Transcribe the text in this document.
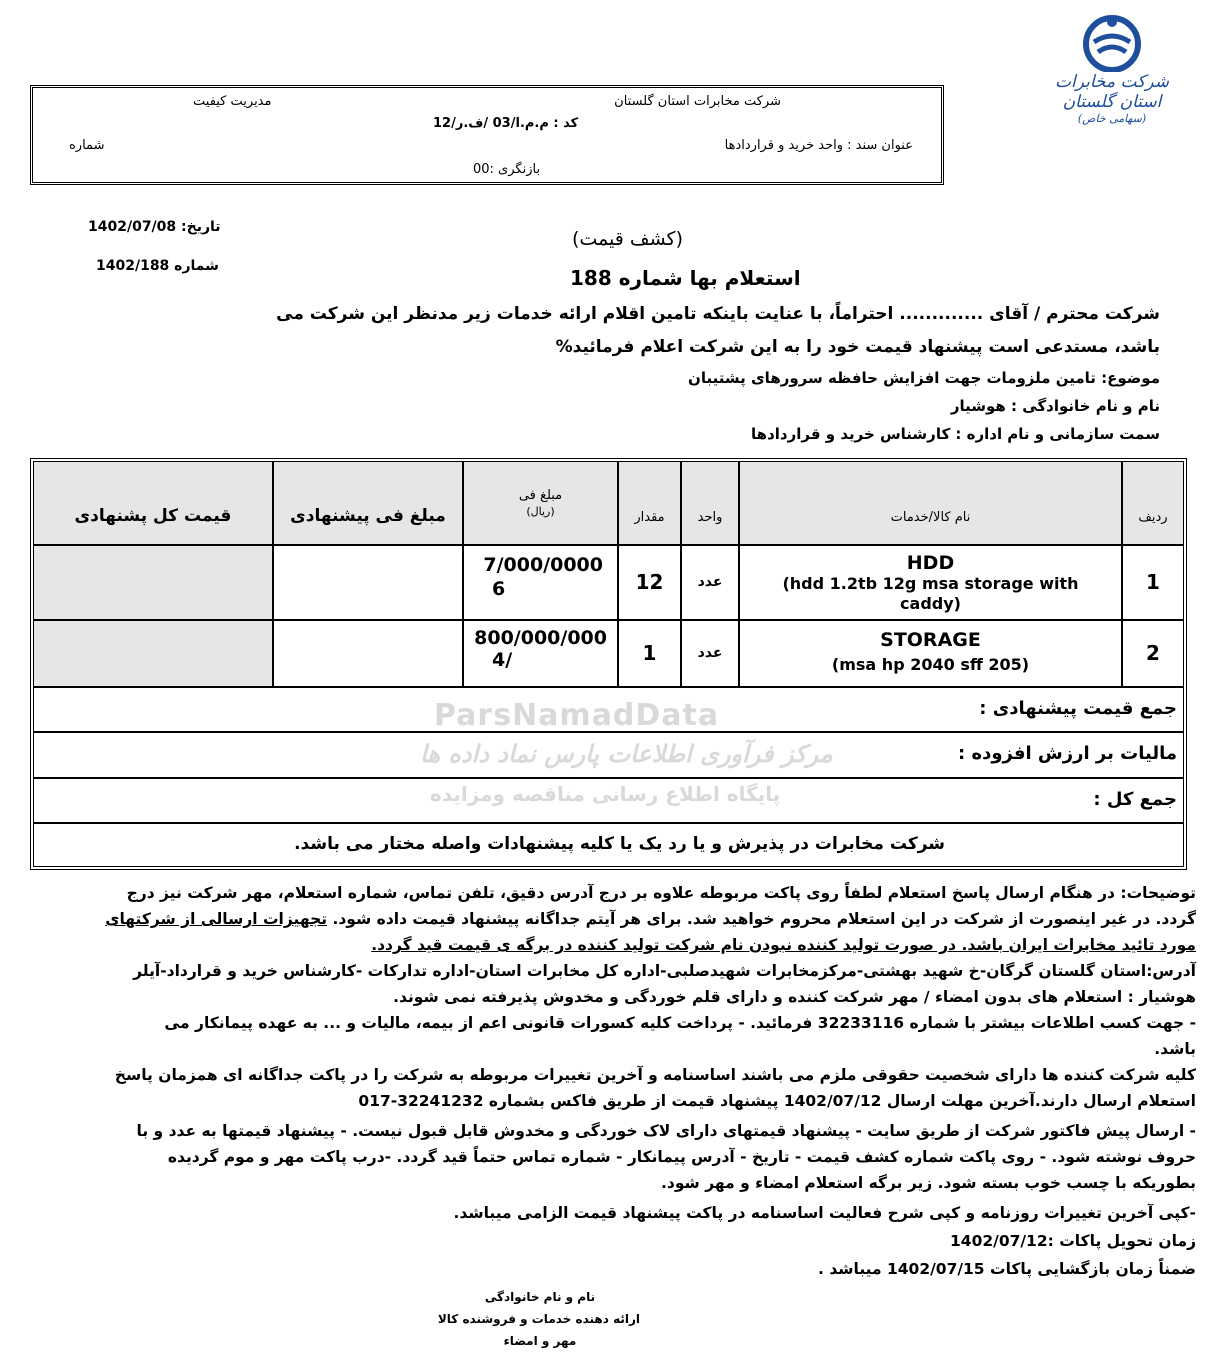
شرکت مخابرات استان گلستان
(سهامی خاص)
شرکت مخابرات استان گلستان
مدیریت کیفیت
کد : م.م.ا/03 /ف.ر/12
عنوان سند : واحد خرید و قراردادها
شماره
بازنگری :00
تاریخ: 1402/07/08
شماره 1402/188
(کشف قیمت)
استعلام بها شماره 188
شرکت محترم / آقای ............. احتراماً، با عنایت باینکه تامین اقلام ارائه خدمات زیر مدنظر این شرکت می
باشد، مستدعی است پیشنهاد قیمت خود را به این شرکت اعلام فرمائید%
موضوع: تامین ملزومات جهت افزایش حافظه سرورهای پشتیبان
نام و نام خانوادگی : هوشیار
سمت سازمانی و نام اداره : کارشناس خرید و قراردادها
ردیف
نام کالا/خدمات
واحد
مقدار
مبلغ فی
(ریال)
مبلغ فی پیشنهادی
قیمت کل پشنهادی
1
HDD
(hdd 1.2tb 12g msa storage with caddy)
عدد
12
7/000/0000
6
2
STORAGE
(msa hp 2040 sff 205)
عدد
1
800/000/000
4/
جمع قیمت پیشنهادی :
مالیات بر ارزش افزوده :
جمع کل :
شرکت مخابرات در پذیرش و یا رد یک یا کلیه پیشنهادات واصله مختار می باشد.
ParsNamadData
مرکز فرآوری اطلاعات پارس نماد داده ها
پایگاه اطلاع رسانی مناقصه ومزایده
توضیحات: در هنگام ارسال پاسخ استعلام لطفاً روی پاکت مربوطه علاوه بر درج آدرس دقیق، تلفن تماس، شماره استعلام، مهر شرکت نیز درج
گردد. در غیر اینصورت از شرکت در این استعلام محروم خواهید شد. برای هر آیتم جداگانه پیشنهاد قیمت داده شود. تجهیزات ارسالی از شرکتهای
مورد تائید مخابرات ایران باشد. در صورت تولید کننده نبودن نام شرکت تولید کننده در برگه ی قیمت قید گردد.
آدرس:استان گلستان گرگان-خ شهید بهشتی-مرکزمخابرات شهیدصلبی-اداره کل مخابرات استان-اداره تدارکات -کارشناس خرید و قرارداد-آیلر
هوشیار : استعلام های بدون امضاء / مهر شرکت کننده و دارای قلم خوردگی و مخدوش پذیرفته نمی شوند.
- جهت کسب اطلاعات بیشتر با شماره 32233116 فرمائید. - پرداخت کلیه کسورات قانونی اعم از بیمه، مالیات و ... به عهده پیمانکار می
باشد.
کلیه شرکت کننده ها دارای شخصیت حقوقی ملزم می باشند اساسنامه و آخرین تغییرات مربوطه به شرکت را در پاکت جداگانه ای همزمان پاسخ
استعلام ارسال دارند.آخرین مهلت ارسال 1402/07/12 پیشنهاد قیمت از طریق فاکس بشماره 32241232-017
- ارسال پیش فاکتور شرکت از طریق سایت - پیشنهاد قیمتهای دارای لاک خوردگی و مخدوش قابل قبول نیست. - پیشنهاد قیمتها به عدد و با
حروف نوشته شود. - روی پاکت شماره کشف قیمت - تاریخ - آدرس پیمانکار - شماره تماس حتماً قید گردد. -درب پاکت مهر و موم گردیده
بطوریکه با چسب خوب بسته شود. زیر برگه استعلام امضاء و مهر شود.
-کپی آخرین تغییرات روزنامه و کپی شرح فعالیت اساسنامه در پاکت پیشنهاد قیمت الزامی میباشد.
زمان تحویل پاکات :1402/07/12
ضمناً زمان بازگشایی پاکات 1402/07/15 میباشد .
نام و نام خانوادگی
ارائه دهنده خدمات و فروشنده کالا
مهر و امضاء
